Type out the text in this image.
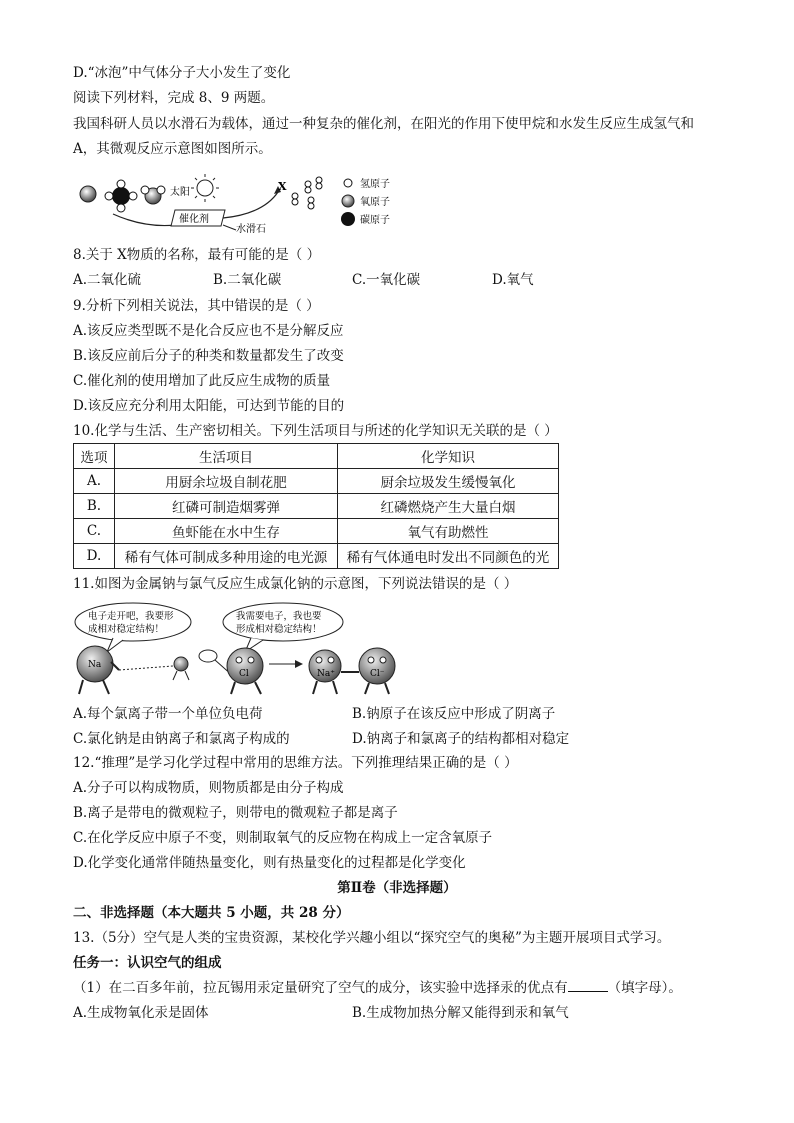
D.“冰泡”中气体分子大小发生了变化
阅读下列材料，完成 8、9 两题。
我国科研人员以水滑石为载体，通过一种复杂的催化剂，在阳光的作用下使甲烷和水发生反应生成氢气和
A，其微观反应示意图如图所示。
太阳
催化剂
水滑石
X	氢原子
氧原子
碳原子
8.关于 X物质的名称，最有可能的是（ ）
A.二氧化硫	B.二氧化碳	C.一氧化碳	D.氧气
9.分析下列相关说法，其中错误的是（ ）
A.该反应类型既不是化合反应也不是分解反应
B.该反应前后分子的种类和数量都发生了改变
C.催化剂的使用增加了此反应生成物的质量
D.该反应充分利用太阳能，可达到节能的目的
10.化学与生活、生产密切相关。下列生活项目与所述的化学知识无关联的是（ ）
选项	生活项目	化学知识
A.	用厨余垃圾自制花肥	厨余垃圾发生缓慢氧化
B.	红磷可制造烟雾弹	红磷燃烧产生大量白烟
C.	鱼虾能在水中生存	氧气有助燃性
D.	稀有气体可制成多种用途的电光源	稀有气体通电时发出不同颜色的光
11.如图为金属钠与氯气反应生成氯化钠的示意图，下列说法错误的是（ ）
电子走开吧，我要形
成相对稳定结构！
我需要电子，我也要
形成相对稳定结构！
Na
Cl	Na⁺	Cl⁻
A.每个氯离子带一个单位负电荷	B.钠原子在该反应中形成了阴离子
C.氯化钠是由钠离子和氯离子构成的	D.钠离子和氯离子的结构都相对稳定
12.“推理”是学习化学过程中常用的思维方法。下列推理结果正确的是（ ）
A.分子可以构成物质，则物质都是由分子构成
B.离子是带电的微观粒子，则带电的微观粒子都是离子
C.在化学反应中原子不变，则制取氧气的反应物在构成上一定含氧原子
D.化学变化通常伴随热量变化，则有热量变化的过程都是化学变化
第Ⅱ卷（非选择题）
二、非选择题（本大题共 5 小题，共 28 分）
13.（5分）空气是人类的宝贵资源，某校化学兴趣小组以“探究空气的奥秘”为主题开展项目式学习。
任务一：认识空气的组成
（1）在二百多年前，拉瓦锡用汞定量研究了空气的成分，该实验中选择汞的优点有	（填字母）。
A.生成物氧化汞是固体	B.生成物加热分解又能得到汞和氧气
